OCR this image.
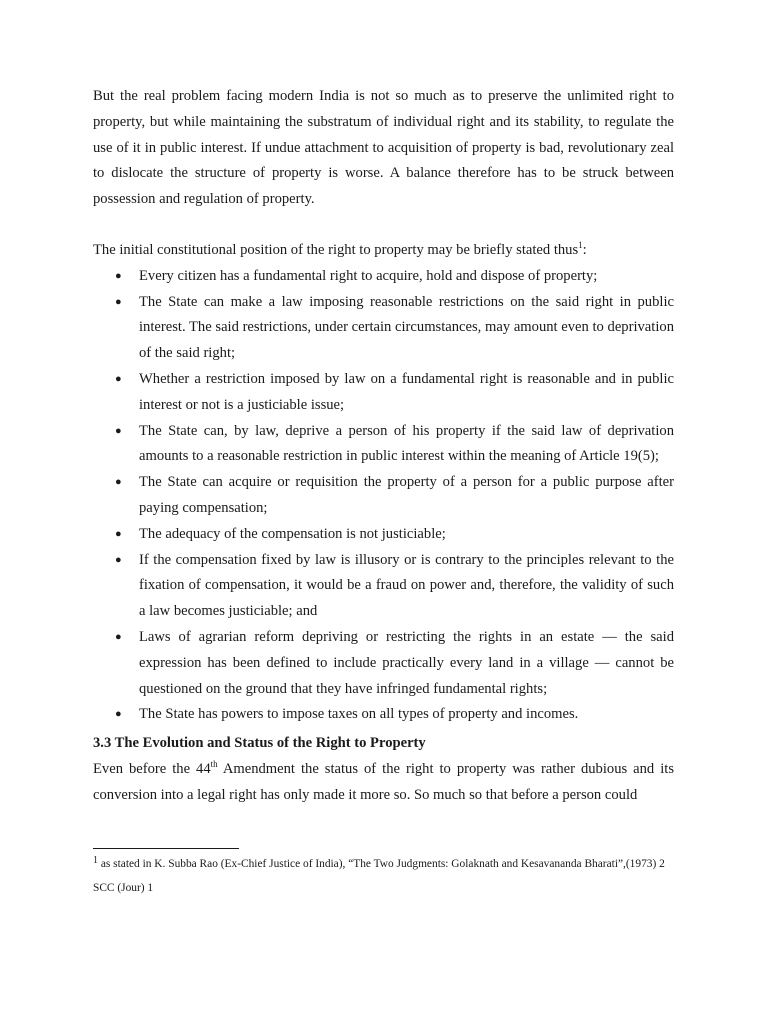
But the real problem facing modern India is not so much as to preserve the unlimited right to property, but while maintaining the substratum of individual right and its stability, to regulate the use of it in public interest. If undue attachment to acquisition of property is bad, revolutionary zeal to dislocate the structure of property is worse. A balance therefore has to be struck between possession and regulation of property.

The initial constitutional position of the right to property may be briefly stated thus$^1$:

● Every citizen has a fundamental right to acquire, hold and dispose of property;
● The State can make a law imposing reasonable restrictions on the said right in public interest. The said restrictions, under certain circumstances, may amount even to deprivation of the said right;
● Whether a restriction imposed by law on a fundamental right is reasonable and in public interest or not is a justiciable issue;
● The State can, by law, deprive a person of his property if the said law of deprivation amounts to a reasonable restriction in public interest within the meaning of Article 19(5);
● The State can acquire or requisition the property of a person for a public purpose after paying compensation;
● The adequacy of the compensation is not justiciable;
● If the compensation fixed by law is illusory or is contrary to the principles relevant to the fixation of compensation, it would be a fraud on power and, therefore, the validity of such a law becomes justiciable; and
● Laws of agrarian reform depriving or restricting the rights in an estate — the said expression has been defined to include practically every land in a village — cannot be questioned on the ground that they have infringed fundamental rights;
● The State has powers to impose taxes on all types of property and incomes.
3.3 The Evolution and Status of the Right to Property

Even before the 44th Amendment the status of the right to property was rather dubious and its conversion into a legal right has only made it more so. So much so that before a person could

$^1$ as stated in K. Subba Rao (Ex-Chief Justice of India), “The Two Judgments: Golaknath and Kesavananda Bharati”,(1973) 2 SCC (Jour) 1
